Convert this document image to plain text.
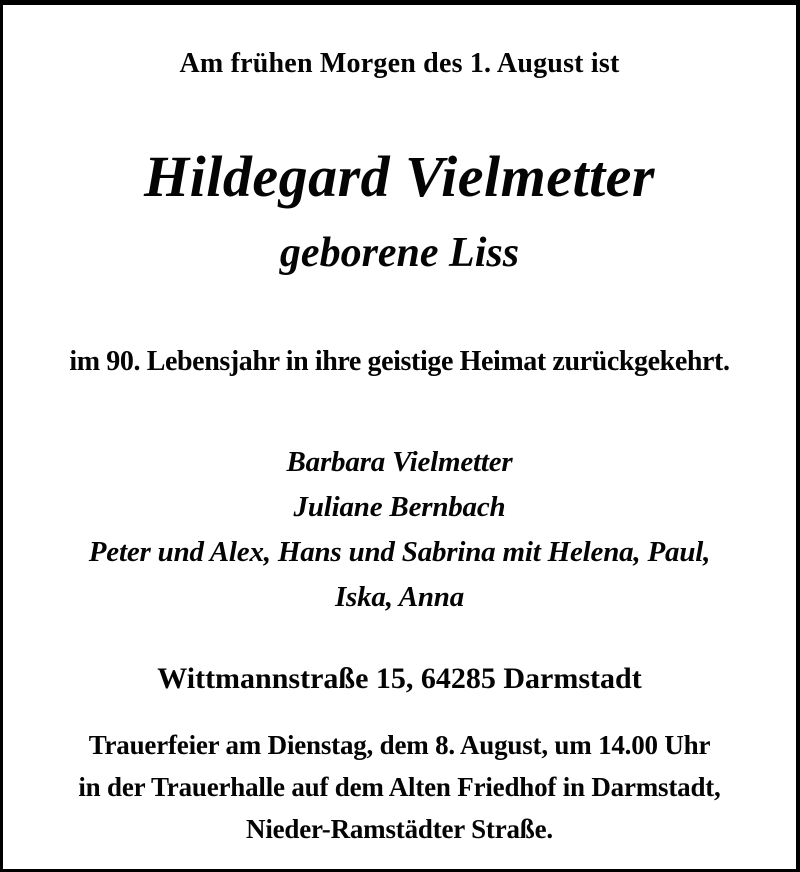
Am frühen Morgen des 1. August ist
Hildegard Vielmetter
geborene Liss
im 90. Lebensjahr in ihre geistige Heimat zurückgekehrt.
Barbara Vielmetter
Juliane Bernbach
Peter und Alex, Hans und Sabrina mit Helena, Paul,
Iska, Anna
Wittmannstraße 15, 64285 Darmstadt
Trauerfeier am Dienstag, dem 8. August, um 14.00 Uhr
in der Trauerhalle auf dem Alten Friedhof in Darmstadt,
Nieder-Ramstädter Straße.
